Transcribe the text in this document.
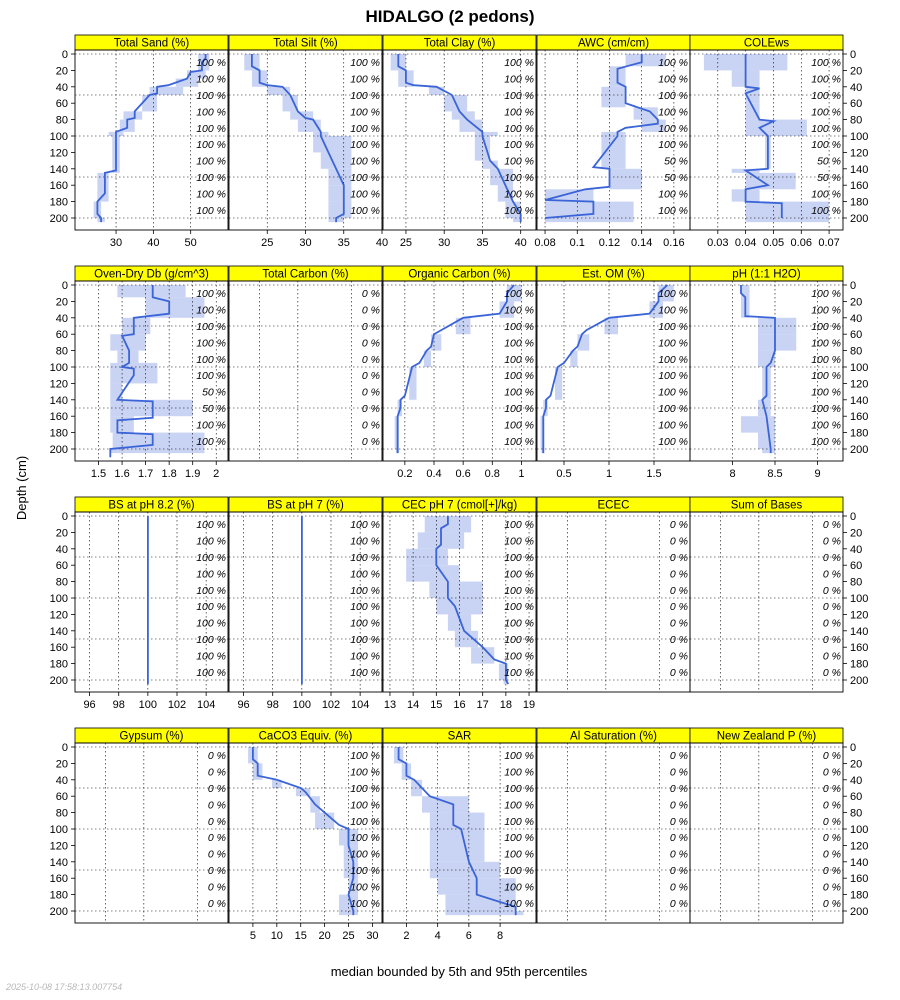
HIDALGO (2 pedons)
Depth (cm)
median bounded by 5th and 95th percentiles
2025-10-08 17:58:13.007754
Total Sand (%)
100 %
100 %
100 %
100 %
100 %
100 %
100 %
100 %
100 %
100 %
30 40 50
0
20
40
60
80
100
120
140
160
180
200
Total Silt (%)
100 %
100 %
100 %
100 %
100 %
100 %
100 %
100 %
100 %
100 %
25 30 35 40
Total Clay (%)
100 %
100 %
100 %
100 %
100 %
100 %
100 %
100 %
100 %
100 %
25 30 35 40
AWC (cm/cm)
100 %
100 %
100 %
100 %
100 %
100 %
50 %
50 %
100 %
100 %
0.08 0.1 0.12 0.14 0.16
COLEws
100 %
100 %
100 %
100 %
100 %
100 %
50 %
50 %
100 %
100 %
0.03 0.04 0.05 0.06 0.07
0
20
40
60
80
100
120
140
160
180
200
Oven-Dry Db (g/cm^3)
100 %
100 %
100 %
100 %
100 %
100 %
50 %
50 %
100 %
100 %
1.5 1.6 1.7 1.8 1.9 2
0
20
40
60
80
100
120
140
160
180
200
Total Carbon (%)
0 %
0 %
0 %
0 %
0 %
0 %
0 %
0 %
0 %
0 %
Organic Carbon (%)
100 %
100 %
100 %
100 %
100 %
100 %
100 %
100 %
100 %
100 %
0.2 0.4 0.6 0.8 1
Est. OM (%)
100 %
100 %
100 %
100 %
100 %
100 %
100 %
100 %
100 %
100 %
0.5	1	1.5
pH (1:1 H2O)
100 %
100 %
100 %
100 %
100 %
100 %
100 %
100 %
100 %
100 %
8	8.5	9
0
20
40
60
80
100
120
140
160
180
200
BS at pH 8.2 (%)
100 %
100 %
100 %
100 %
100 %
100 %
100 %
100 %
100 %
100 %
96 98 100 102 104
0
20
40
60
80
100
120
140
160
180
200
BS at pH 7 (%)
100 %
100 %
100 %
100 %
100 %
100 %
100 %
100 %
100 %
100 %
96 98 100 102 104
CEC pH 7 (cmol[+]/kg)
100 %
100 %
100 %
100 %
100 %
100 %
100 %
100 %
100 %
100 %
13 14 15 16 17 18 19
ECEC
0 %
0 %
0 %
0 %
0 %
0 %
0 %
0 %
0 %
0 %
Sum of Bases
0 %
0 %
0 %
0 %
0 %
0 %
0 %
0 %
0 %
0 %
0
20
40
60
80
100
120
140
160
180
200
Gypsum (%)
0 %
0 %
0 %
0 %
0 %
0 %
0 %
0 %
0 %
0 %
0
20
40
60
80
100
120
140
160
180
200
CaCO3 Equiv. (%)
100 %
100 %
100 %
100 %
100 %
100 %
100 %
100 %
100 %
100 %
5 10 15 20 25 30
SAR
100 %
100 %
100 %
100 %
100 %
100 %
100 %
100 %
100 %
100 %
2 4 6 8
Al Saturation (%)
0 %
0 %
0 %
0 %
0 %
0 %
0 %
0 %
0 %
0 %
New Zealand P (%)
0 %
0 %
0 %
0 %
0 %
0 %
0 %
0 %
0 %
0 %
0
20
40
60
80
100
120
140
160
180
200
